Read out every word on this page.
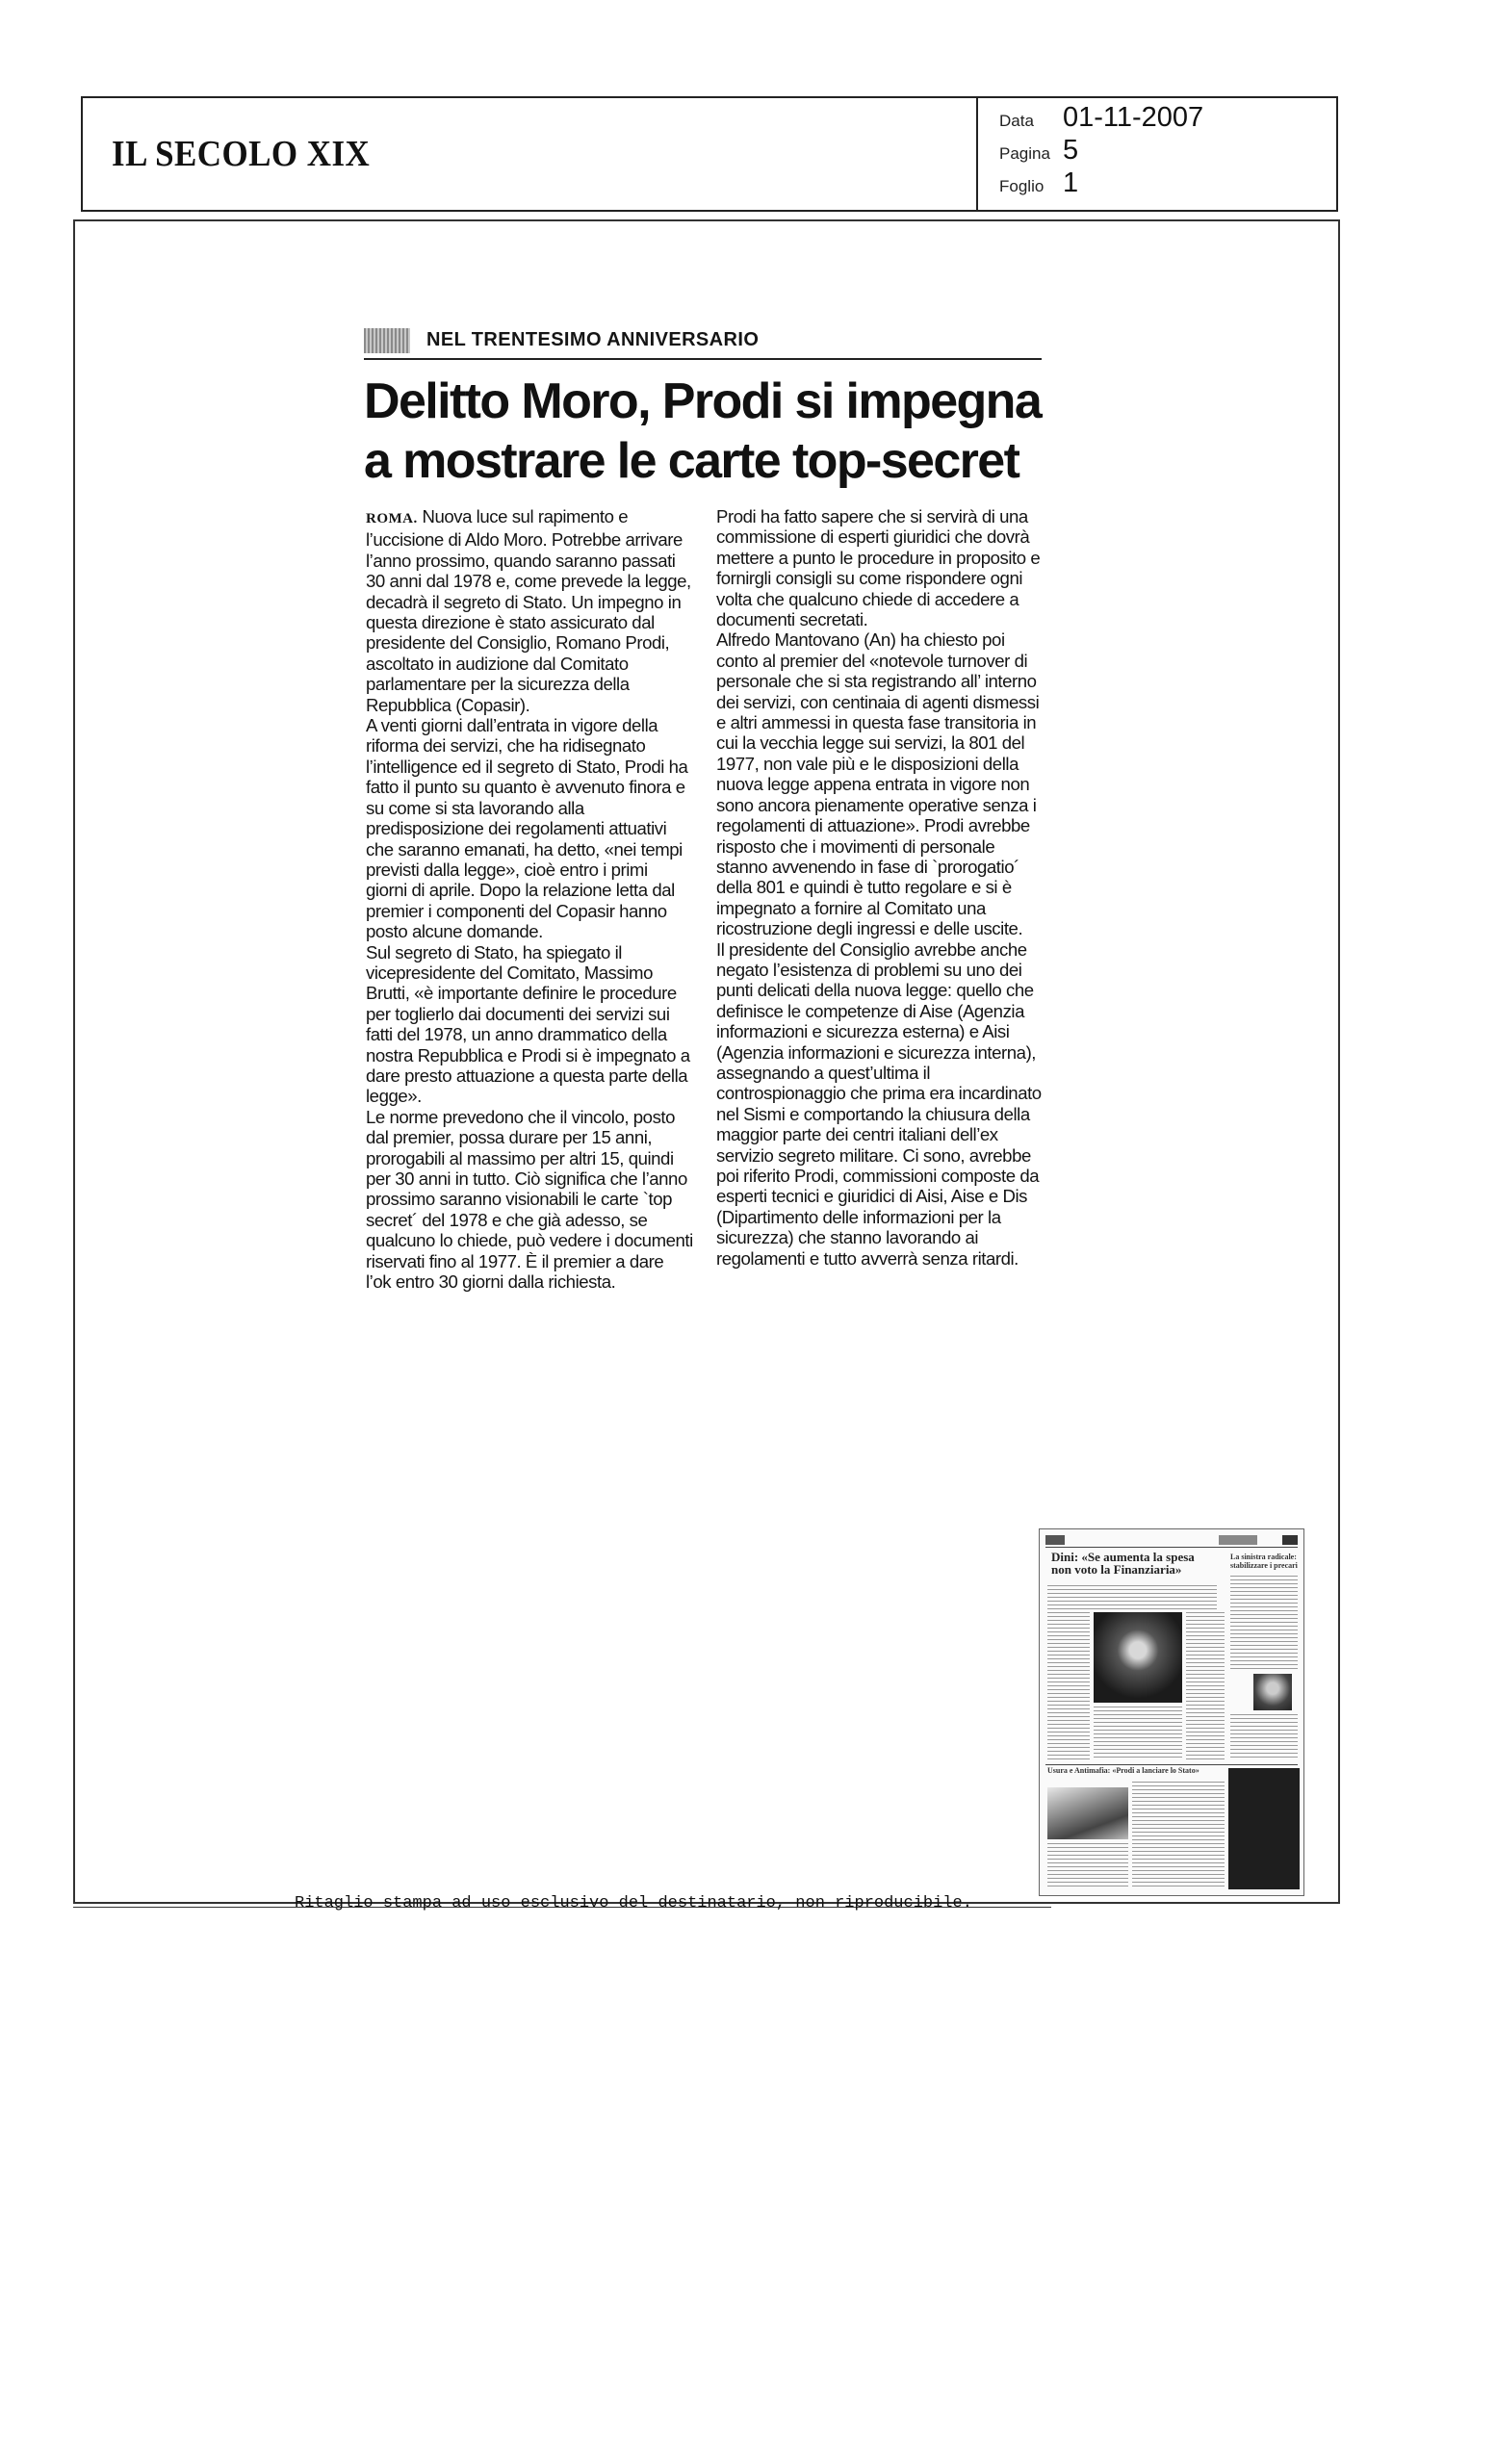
IL SECOLO XIX
Data 01-11-2007
Pagina 5
Foglio 1
NEL TRENTESIMO ANNIVERSARIO
Delitto Moro, Prodi si impegna
a mostrare le carte top-secret

ROMA. Nuova luce sul rapimento e l’uccisione di Aldo Moro. Potrebbe arrivare l’anno prossimo, quando saranno passati 30 anni dal 1978 e, come prevede la legge, decadrà il segreto di Stato. Un impegno in questa direzione è stato assicurato dal presidente del Consiglio, Romano Prodi, ascoltato in audizione dal Comitato parlamentare per la sicurezza della Repubblica (Copasir).

A venti giorni dall’entrata in vigore della riforma dei servizi, che ha ridisegnato l’intelligence ed il segreto di Stato, Prodi ha fatto il punto su quanto è avvenuto finora e su come si sta lavorando alla predisposizione dei regolamenti attuativi che saranno emanati, ha detto, «nei tempi previsti dalla legge», cioè entro i primi giorni di aprile. Dopo la relazione letta dal premier i componenti del Copasir hanno posto alcune domande.

Sul segreto di Stato, ha spiegato il vicepresidente del Comitato, Massimo Brutti, «è importante definire le procedure per toglierlo dai documenti dei servizi sui fatti del 1978, un anno drammatico della nostra Repubblica e Prodi si è impegnato a dare presto attuazione a questa parte della legge».

Le norme prevedono che il vincolo, posto dal premier, possa durare per 15 anni, prorogabili al massimo per altri 15, quindi per 30 anni in tutto. Ciò significa che l’anno prossimo saranno visionabili le carte `top secret´ del 1978 e che già adesso, se qualcuno lo chiede, può vedere i documenti riservati fino al 1977. È il premier a dare l’ok entro 30 giorni dalla richiesta.

Prodi ha fatto sapere che si servirà di una commissione di esperti giuridici che dovrà mettere a punto le procedure in proposito e fornirgli consigli su come rispondere ogni volta che qualcuno chiede di accedere a documenti secretati.

Alfredo Mantovano (An) ha chiesto poi conto al premier del «notevole turnover di personale che si sta registrando all’ interno dei servizi, con centinaia di agenti dismessi e altri ammessi in questa fase transitoria in cui la vecchia legge sui servizi, la 801 del 1977, non vale più e le disposizioni della nuova legge appena entrata in vigore non sono ancora pienamente operative senza i regolamenti di attuazione». Prodi avrebbe risposto che i movimenti di personale stanno avvenendo in fase di `prorogatio´ della 801 e quindi è tutto regolare e si è impegnato a fornire al Comitato una ricostruzione degli ingressi e delle uscite.

Il presidente del Consiglio avrebbe anche negato l’esistenza di problemi su uno dei punti delicati della nuova legge: quello che definisce le competenze di Aise (Agenzia informazioni e sicurezza esterna) e Aisi (Agenzia informazioni e sicurezza interna), assegnando a quest’ultima il controspionaggio che prima era incardinato nel Sismi e comportando la chiusura della maggior parte dei centri italiani dell’ex servizio segreto militare. Ci sono, avrebbe poi riferito Prodi, commissioni composte da esperti tecnici e giuridici di Aisi, Aise e Dis (Dipartimento delle informazioni per la sicurezza) che stanno lavorando ai regolamenti e tutto avverrà senza ritardi.

Dini: «Se aumenta la spesa non voto la Finanziaria»
La sinistra radicale: stabilizzare i precari
Usura e Antimafia: «Prodi a lanciare lo Stato»
Ritaglio stampa ad uso esclusivo del destinatario, non riproducibile.
